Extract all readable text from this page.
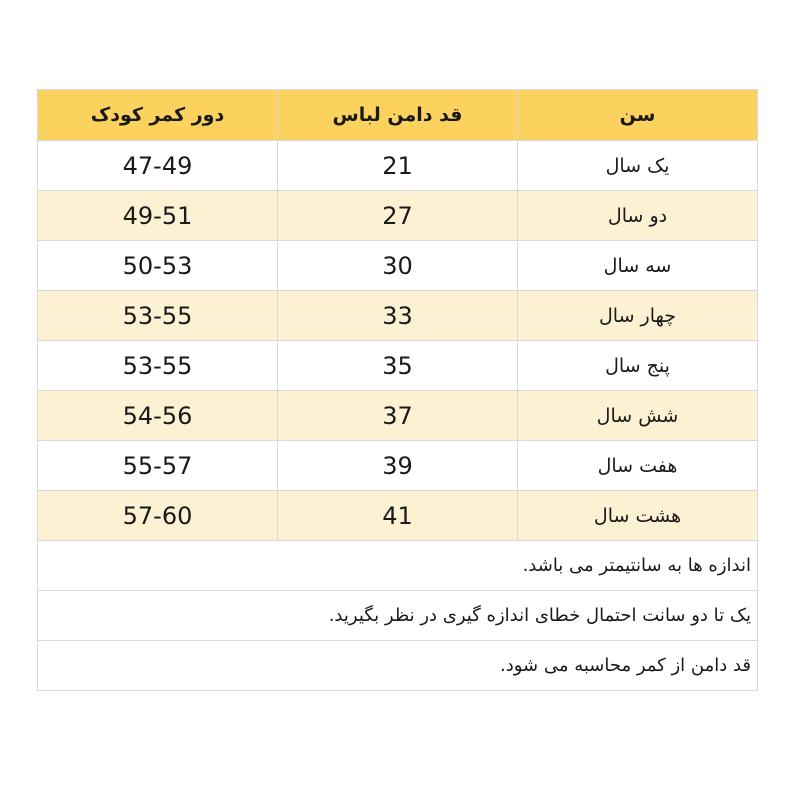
دور کمر کودک	قد دامن لباس	سن
47-49	21	یک سال
49-51	27	دو سال
50-53	30	سه سال
53-55	33	چهار سال
53-55	35	پنج سال
54-56	37	شش سال
55-57	39	هفت سال
57-60	41	هشت سال
اندازه ها به سانتیمتر می باشد.		
یک تا دو سانت احتمال خطای اندازه گیری در نظر بگیرید.		
قد دامن از کمر محاسبه می شود.		
